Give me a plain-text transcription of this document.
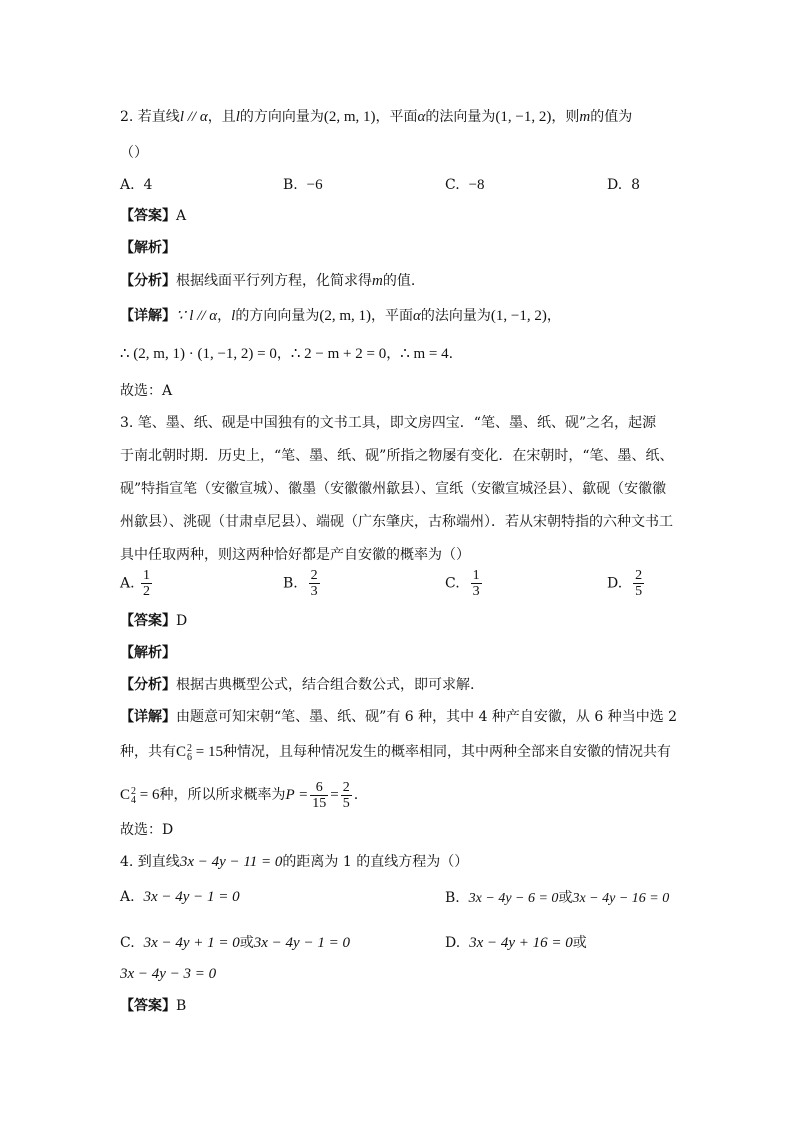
2. 若直线l // α，且l的方向向量为(2, m, 1)，平面α的法向量为(1, −1, 2)，则m的值为
（）
A. 4	B. −6	C. −8	D. 8
【答案】A
【解析】
【分析】根据线面平行列方程，化简求得m的值.
【详解】∵ l // α，l的方向向量为(2, m, 1)，平面α的法向量为(1, −1, 2)，
∴ (2, m, 1) · (1, −1, 2) = 0，∴ 2 − m + 2 = 0，∴ m = 4.
故选：A
3. 笔、墨、纸、砚是中国独有的文书工具，即文房四宝．“笔、墨、纸、砚”之名，起源
于南北朝时期．历史上，“笔、墨、纸、砚”所指之物屡有变化．在宋朝时，“笔、墨、纸、
砚”特指宣笔（安徽宣城）、徽墨（安徽徽州歙县）、宣纸（安徽宣城泾县）、歙砚（安徽徽
州歙县）、洮砚（甘肃卓尼县）、端砚（广东肇庆，古称端州）．若从宋朝特指的六种文书工
具中任取两种，则这两种恰好都是产自安徽的概率为（）
A. $\frac{1}{2}$	B. $\frac{2}{3}$	C. $\frac{1}{3}$	D. $\frac{2}{5}$
【答案】D
【解析】
【分析】根据古典概型公式，结合组合数公式，即可求解.
【详解】由题意可知宋朝“笔、墨、纸、砚”有 6 种，其中 4 种产自安徽，从 6 种当中选 2
种，共有C 2
6 = 15种情况，且每种情况发生的概率相同，其中两种全部来自安徽的情况共有
C 2
4 = 6种，所以所求概率为$P = \frac{6}{15} = \frac{2}{5}$ .
故选：D
4. 到直线3x − 4y − 11 = 0的距离为 1 的直线方程为（）
A. 3x − 4y − 1 = 0	B. 3x − 4y − 6 = 0或3x − 4y − 16 = 0
C. 3x − 4y + 1 = 0或3x − 4y − 1 = 0	D. 3x − 4y + 16 = 0或
3x − 4y − 3 = 0
【答案】B
